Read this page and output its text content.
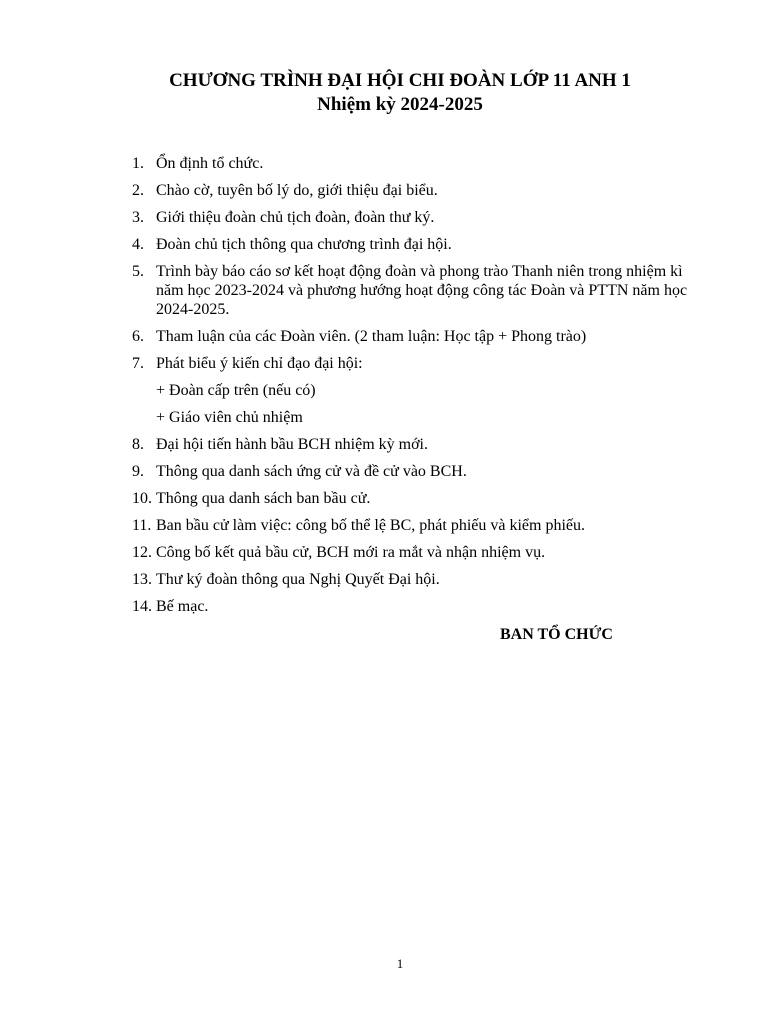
CHƯƠNG TRÌNH ĐẠI HỘI CHI ĐOÀN LỚP 11 ANH 1
Nhiệm kỳ 2024-2025
1. Ổn định tổ chức.
2. Chào cờ, tuyên bố lý do, giới thiệu đại biểu.
3. Giới thiệu đoàn chủ tịch đoàn, đoàn thư ký.
4. Đoàn chủ tịch thông qua chương trình đại hội.
5. Trình bày báo cáo sơ kết hoạt động đoàn và phong trào Thanh niên trong nhiệm kì năm học 2023-2024 và phương hướng hoạt động công tác Đoàn và PTTN năm học 2024-2025.
6. Tham luận của các Đoàn viên. (2 tham luận: Học tập + Phong trào)
7. Phát biểu ý kiến chỉ đạo đại hội:
+ Đoàn cấp trên (nếu có)
+ Giáo viên chủ nhiệm
8. Đại hội tiến hành bầu BCH nhiệm kỳ mới.
9. Thông qua danh sách ứng cử và đề cử vào BCH.
10. Thông qua danh sách ban bầu cử.
11. Ban bầu cử làm việc: công bố thể lệ BC, phát phiếu và kiểm phiếu.
12. Công bố kết quả bầu cử, BCH mới ra mắt và nhận nhiệm vụ.
13. Thư ký đoàn thông qua Nghị Quyết Đại hội.
14. Bế mạc.

BAN TỔ CHỨC

1
